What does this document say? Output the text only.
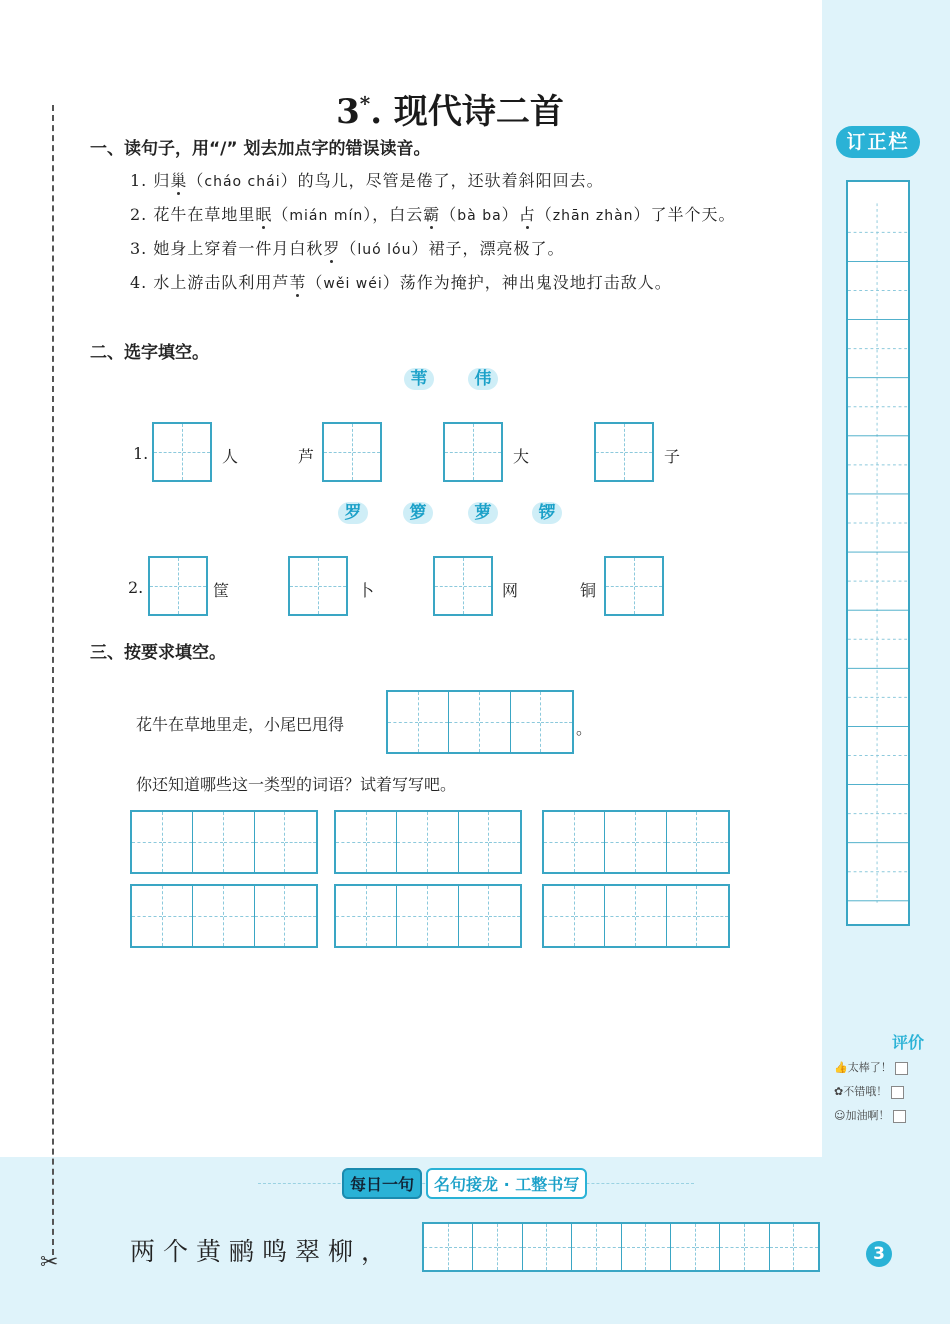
✂
3*. 现代诗二首
一、读句子，用“/” 划去加点字的错误读音。
1. 归巢（cháo chái）的鸟儿，尽管是倦了，还驮着斜阳回去。
2. 花牛在草地里眠（mián mín），白云霸（bà ba）占（zhān zhàn）了半个天。
3. 她身上穿着一件月白秋罗（luó lóu）裙子，漂亮极了。
4. 水上游击队利用芦苇（wěi wéi）荡作为掩护，神出鬼没地打击敌人。
二、选字填空。
苇	伟
1.	人	芦	大	子
罗	箩	萝	锣
2.	筐	卜	网	铜
三、按要求填空。
花牛在草地里走，小尾巴甩得	。
你还知道哪些这一类型的词语？试着写写吧。
订正栏
评价
👍太棒了！
✿不错哦！
☺加油啊！
每日一句	名句接龙 · 工整书写
两个黄鹂鸣翠柳，	3
